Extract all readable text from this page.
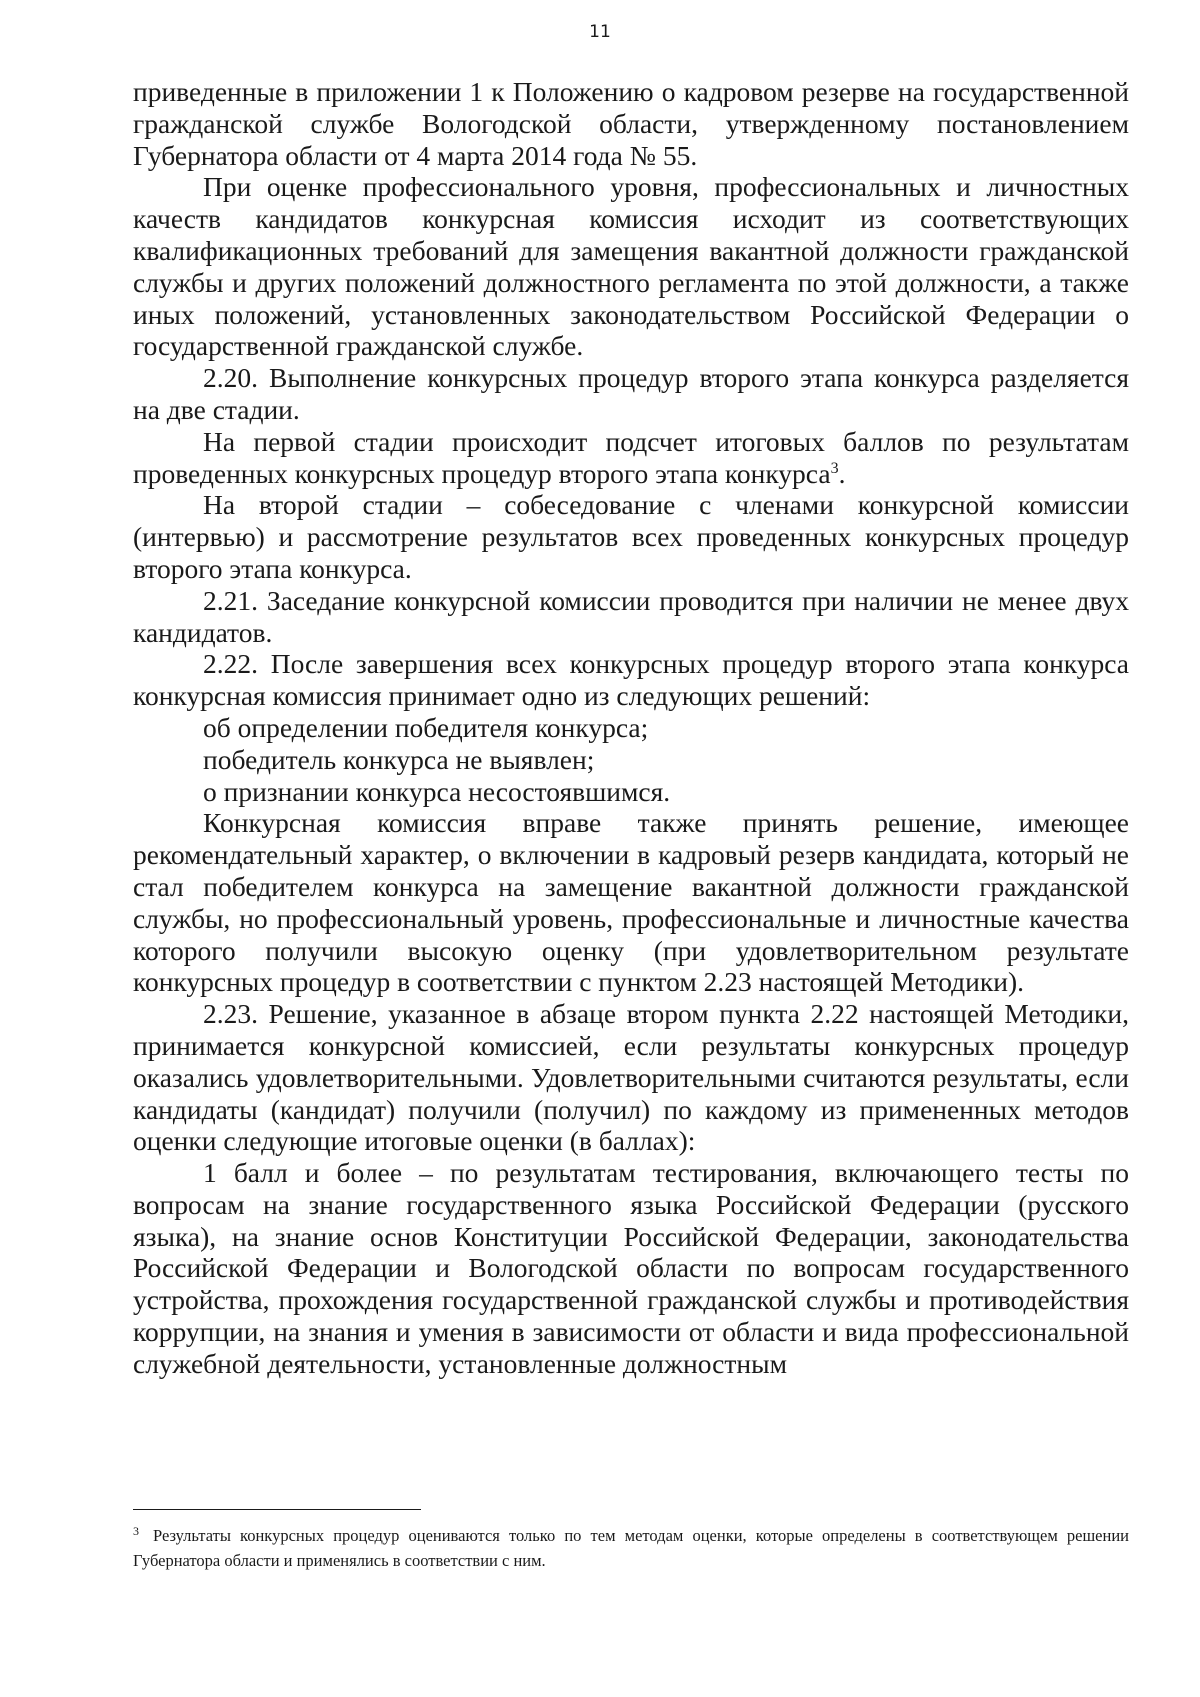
11

приведенные в приложении 1 к Положению о кадровом резерве на государственной гражданской службе Вологодской области, утвержденному постановлением Губернатора области от 4 марта 2014 года № 55.

При оценке профессионального уровня, профессиональных и личностных качеств кандидатов конкурсная комиссия исходит из соответствующих квалификационных требований для замещения вакантной должности гражданской службы и других положений должностного регламента по этой должности, а также иных положений, установленных законодательством Российской Федерации о государственной гражданской службе.

2.20. Выполнение конкурсных процедур второго этапа конкурса разделяется на две стадии.

На первой стадии происходит подсчет итоговых баллов по результатам проведенных конкурсных процедур второго этапа конкурса$^3$.

На второй стадии – собеседование с членами конкурсной комиссии (интервью) и рассмотрение результатов всех проведенных конкурсных процедур второго этапа конкурса.

2.21. Заседание конкурсной комиссии проводится при наличии не менее двух кандидатов.

2.22. После завершения всех конкурсных процедур второго этапа конкурса конкурсная комиссия принимает одно из следующих решений:

об определении победителя конкурса;

победитель конкурса не выявлен;

о признании конкурса несостоявшимся.

Конкурсная комиссия вправе также принять решение, имеющее рекомендательный характер, о включении в кадровый резерв кандидата, который не стал победителем конкурса на замещение вакантной должности гражданской службы, но профессиональный уровень, профессиональные и личностные качества которого получили высокую оценку (при удовлетворительном результате конкурсных процедур в соответствии с пунктом 2.23 настоящей Методики).

2.23. Решение, указанное в абзаце втором пункта 2.22 настоящей Методики, принимается конкурсной комиссией, если результаты конкурсных процедур оказались удовлетворительными. Удовлетворительными считаются результаты, если кандидаты (кандидат) получили (получил) по каждому из примененных методов оценки следующие итоговые оценки (в баллах):

1 балл и более – по результатам тестирования, включающего тесты по вопросам на знание государственного языка Российской Федерации (русского языка), на знание основ Конституции Российской Федерации, законодательства Российской Федерации и Вологодской области по вопросам государственного устройства, прохождения государственной гражданской службы и противодействия коррупции, на знания и умения в зависимости от области и вида профессиональной служебной деятельности, установленные должностным

$^3$ Результаты конкурсных процедур оцениваются только по тем методам оценки, которые определены в соответствующем решении Губернатора области и применялись в соответствии с ним.
